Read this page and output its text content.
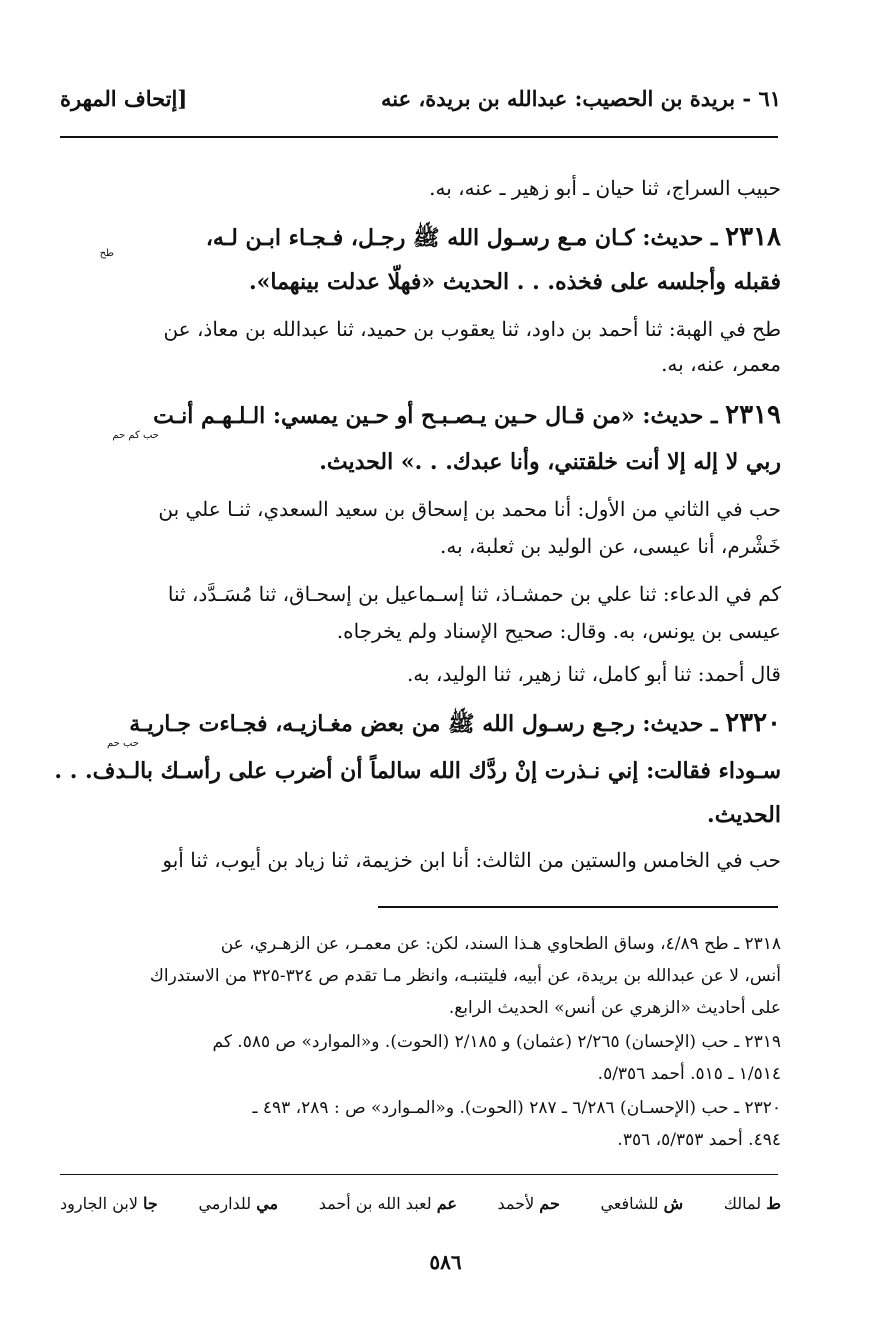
٦١ - بريدة بن الحصيب: عبدالله بن بريدة، عنه
[إتحاف المهرة
حبيب السراج، ثنا حيان ـ أبو زهير ـ عنه، به.
٢٣١٨ ـ حديث: كـان مـع رسـول الله ﷺ رجـل، فـجـاء ابـن لـه،
طح
فقبله وأجلسه على فخذه. . . الحديث «فهلّا عدلت بينهما».
طح في الهبة: ثنا أحمد بن داود، ثنا يعقوب بن حميد، ثنا عبدالله بن معاذ، عن
معمر، عنه، به.
٢٣١٩ ـ حديث: «من قـال حـين يـصـبـح أو حـين يمسي: الـلـهـم أنـت
حب كم حم
ربي لا إله إلا أنت خلقتني، وأنا عبدك. . .» الحديث.
حب في الثاني من الأول: أنا محمد بن إسحاق بن سعيد السعدي، ثنـا علي بن
خَشْرم، أنا عيسى، عن الوليد بن ثعلبة، به.
كم في الدعاء: ثنا علي بن حمشـاذ، ثنا إسـماعيل بن إسحـاق، ثنا مُسَـدَّد، ثنا
عيسى بن يونس، به. وقال: صحيح الإسناد ولم يخرجاه.
قال أحمد: ثنا أبو كامل، ثنا زهير، ثنا الوليد، به.
٢٣٢٠ ـ حديث: رجـع رسـول الله ﷺ من بعض مغـازيـه، فجـاءت جـاريـة
حب حم
سـوداء فقالت: إني نـذرت إنْ ردَّك الله سالماً أن أضرب على رأسـك بالـدف. . .
الحديث.
حب في الخامس والستين من الثالث: أنا ابن خزيمة، ثنا زياد بن أيوب، ثنا أبو
٢٣١٨ ـ طح ٤/٨٩، وساق الطحاوي هـذا السند، لكن: عن معمـر، عن الزهـري، عن
أنس، لا عن عبدالله بن بريدة، عن أبيه، فليتنبـه، وانظر مـا تقدم ص ٣٢٤-٣٢٥ من الاستدراك
على أحاديث «الزهري عن أنس» الحديث الرابع.
٢٣١٩ ـ حب (الإحسان) ٢/٢٦٥ (عثمان) و ٢/١٨٥ (الحوت). و«الموارد» ص ٥٨٥. كم
١/٥١٤ ـ ٥١٥. أحمد ٥/٣٥٦.
٢٣٢٠ ـ حب (الإحسـان) ٦/٢٨٦ ـ ٢٨٧ (الحوت). و«المـوارد» ص : ٢٨٩، ٤٩٣ ـ
٤٩٤. أحمد ٥/٣٥٣، ٣٥٦.
ط لمالك
ش للشافعي
حم لأحمد
عم لعبد الله بن أحمد
مي للدارمي
جا لابن الجارود
٥٨٦
